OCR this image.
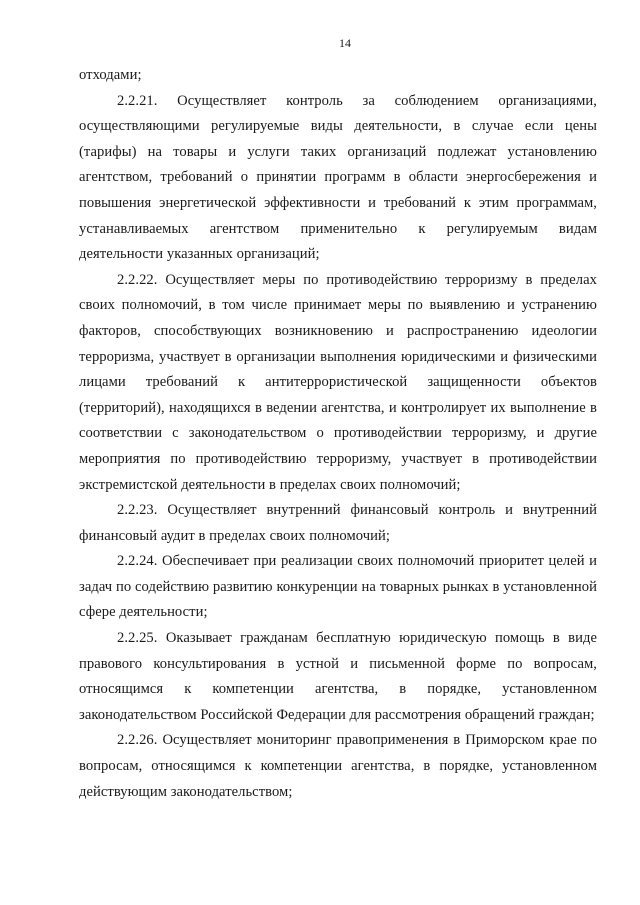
14

отходами;

2.2.21. Осуществляет контроль за соблюдением организациями, осуществляющими регулируемые виды деятельности, в случае если цены (тарифы) на товары и услуги таких организаций подлежат установлению агентством, требований о принятии программ в области энергосбережения и повышения энергетической эффективности и требований к этим программам, устанавливаемых агентством применительно к регулируемым видам деятельности указанных организаций;

2.2.22. Осуществляет меры по противодействию терроризму в пределах своих полномочий, в том числе принимает меры по выявлению и устранению факторов, способствующих возникновению и распространению идеологии терроризма, участвует в организации выполнения юридическими и физическими лицами требований к антитеррористической защищенности объектов (территорий), находящихся в ведении агентства, и контролирует их выполнение в соответствии с законодательством о противодействии терроризму, и другие мероприятия по противодействию терроризму, участвует в противодействии экстремистской деятельности в пределах своих полномочий;

2.2.23. Осуществляет внутренний финансовый контроль и внутренний финансовый аудит в пределах своих полномочий;

2.2.24. Обеспечивает при реализации своих полномочий приоритет целей и задач по содействию развитию конкуренции на товарных рынках в установленной сфере деятельности;

2.2.25. Оказывает гражданам бесплатную юридическую помощь в виде правового консультирования в устной и письменной форме по вопросам, относящимся к компетенции агентства, в порядке, установленном законодательством Российской Федерации для рассмотрения обращений граждан;

2.2.26. Осуществляет мониторинг правоприменения в Приморском крае по вопросам, относящимся к компетенции агентства, в порядке, установленном действующим законодательством;
